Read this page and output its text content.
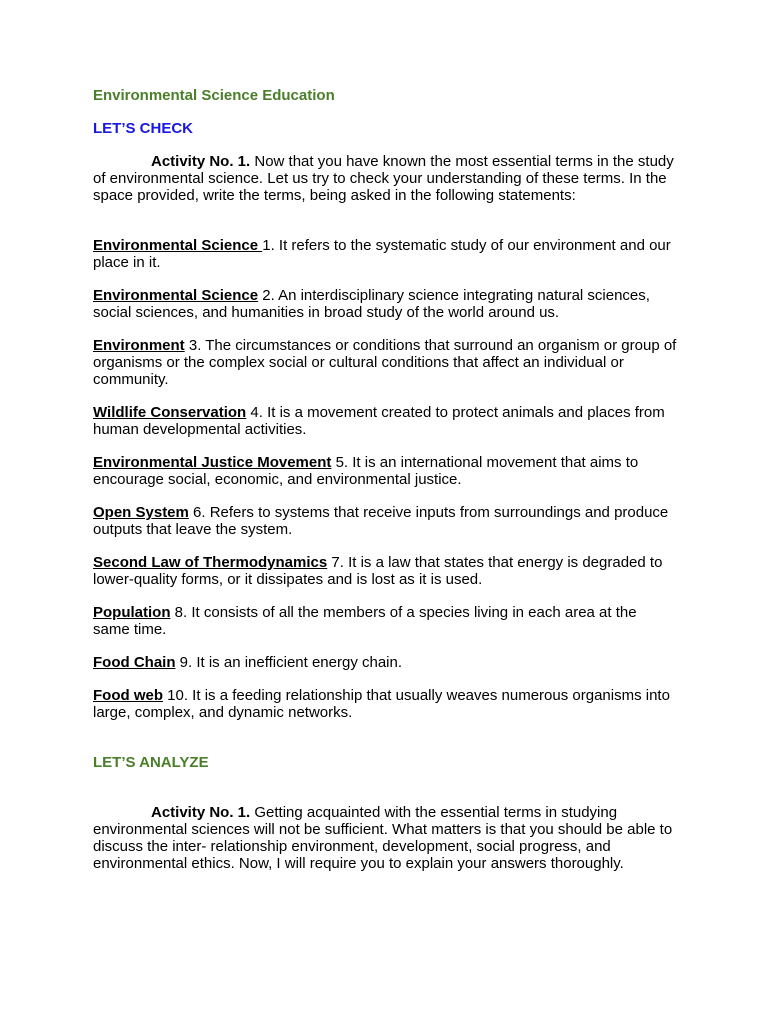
Environmental Science Education

LET’S CHECK

Activity No. 1. Now that you have known the most essential terms in the study of environmental science. Let us try to check your understanding of these terms. In the space provided, write the terms, being asked in the following statements:

Environmental Science 1. It refers to the systematic study of our environment and our place in it.

Environmental Science 2. An interdisciplinary science integrating natural sciences, social sciences, and humanities in broad study of the world around us.

Environment 3. The circumstances or conditions that surround an organism or group of organisms or the complex social or cultural conditions that affect an individual or community.

Wildlife Conservation 4. It is a movement created to protect animals and places from human developmental activities.

Environmental Justice Movement 5. It is an international movement that aims to encourage social, economic, and environmental justice.

Open System 6. Refers to systems that receive inputs from surroundings and produce outputs that leave the system.

Second Law of Thermodynamics 7. It is a law that states that energy is degraded to lower-quality forms, or it dissipates and is lost as it is used.

Population 8. It consists of all the members of a species living in each area at the same time.

Food Chain 9. It is an inefficient energy chain.

Food web 10. It is a feeding relationship that usually weaves numerous organisms into large, complex, and dynamic networks.

LET’S ANALYZE

Activity No. 1. Getting acquainted with the essential terms in studying environmental sciences will not be sufficient. What matters is that you should be able to discuss the inter- relationship environment, development, social progress, and environmental ethics. Now, I will require you to explain your answers thoroughly.
